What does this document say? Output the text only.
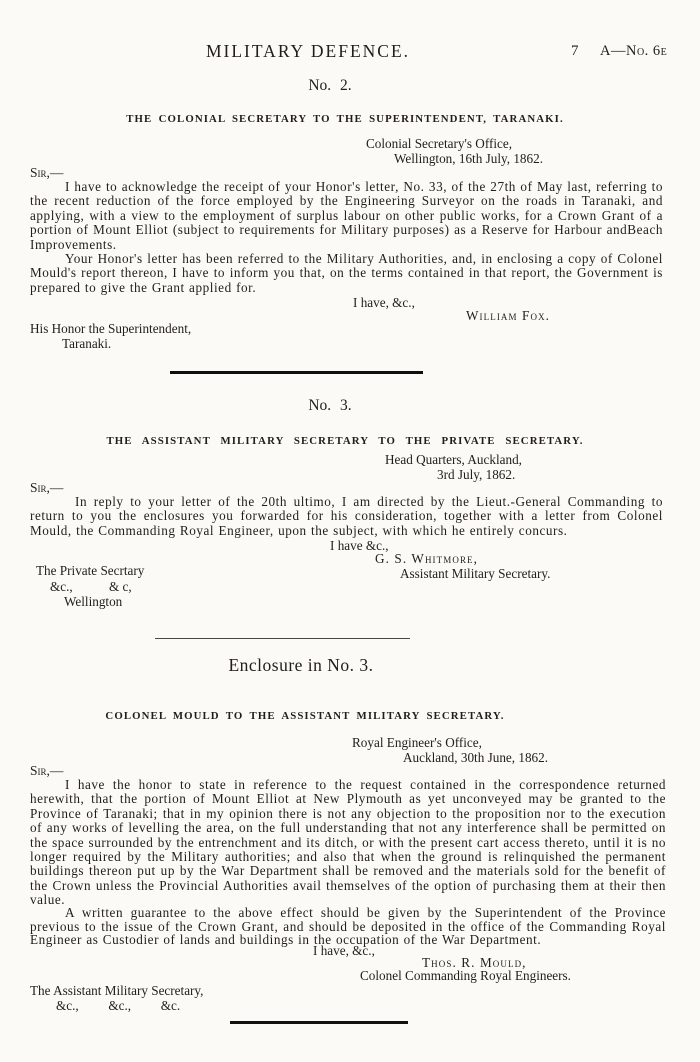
MILITARY DEFENCE.	7 A—No. 6e
No. 2.
THE COLONIAL SECRETARY TO THE SUPERINTENDENT, TARANAKI.
Colonial Secretary's Office,
Wellington, 16th July, 1862.
Sir,—

I have to acknowledge the receipt of your Honor's letter, No. 33, of the 27th of May last, referring to the recent reduction of the force employed by the Engineering Surveyor on the roads in Taranaki, and applying, with a view to the employment of surplus labour on other public works, for a Crown Grant of a portion of Mount Elliot (subject to requirements for Military purposes) as a Reserve for Harbour andBeach Improvements.

Your Honor's letter has been referred to the Military Authorities, and, in enclosing a copy of Colonel Mould's report thereon, I have to inform you that, on the terms contained in that report, the Government is prepared to give the Grant applied for.

I have, &c.,
William Fox.
His Honor the Superintendent,
Taranaki.
No. 3.
THE ASSISTANT MILITARY SECRETARY TO THE PRIVATE SECRETARY.
Head Quarters, Auckland,
3rd July, 1862.
Sir,—

In reply to your letter of the 20th ultimo, I am directed by the Lieut.-General Commanding to return to you the enclosures you forwarded for his consideration, together with a letter from Colonel Mould, the Commanding Royal Engineer, upon the subject, with which he entirely concurs.

I have &c.,
G. S. Whitmore,
Assistant Military Secretary.
The Private Secrtary
&c.,           & c,
Wellington
Enclosure in No. 3.
COLONEL MOULD TO THE ASSISTANT MILITARY SECRETARY.
Royal Engineer's Office,
Auckland, 30th June, 1862.
Sir,—

I have the honor to state in reference to the request contained in the correspondence returned herewith, that the portion of Mount Elliot at New Plymouth as yet unconveyed may be granted to the Province of Taranaki; that in my opinion there is not any objection to the proposition nor to the execution of any works of levelling the area, on the full understanding that not any interference shall be permitted on the space surrounded by the entrenchment and its ditch, or with the present cart access thereto, until it is no longer required by the Military authorities; and also that when the ground is relinquished the permanent buildings thereon put up by the War Department shall be removed and the materials sold for the benefit of the Crown unless the Provincial Authorities avail themselves of the option of purchasing them at their then value.

A written guarantee to the above effect should be given by the Superintendent of the Province previous to the issue of the Crown Grant, and should be deposited in the office of the Commanding Royal Engineer as Custodier of lands and buildings in the occupation of the War Department.

I have, &c.,
Thos. R. Mould,
Colonel Commanding Royal Engineers.
The Assistant Military Secretary,
&c.,         &c.,         &c.
